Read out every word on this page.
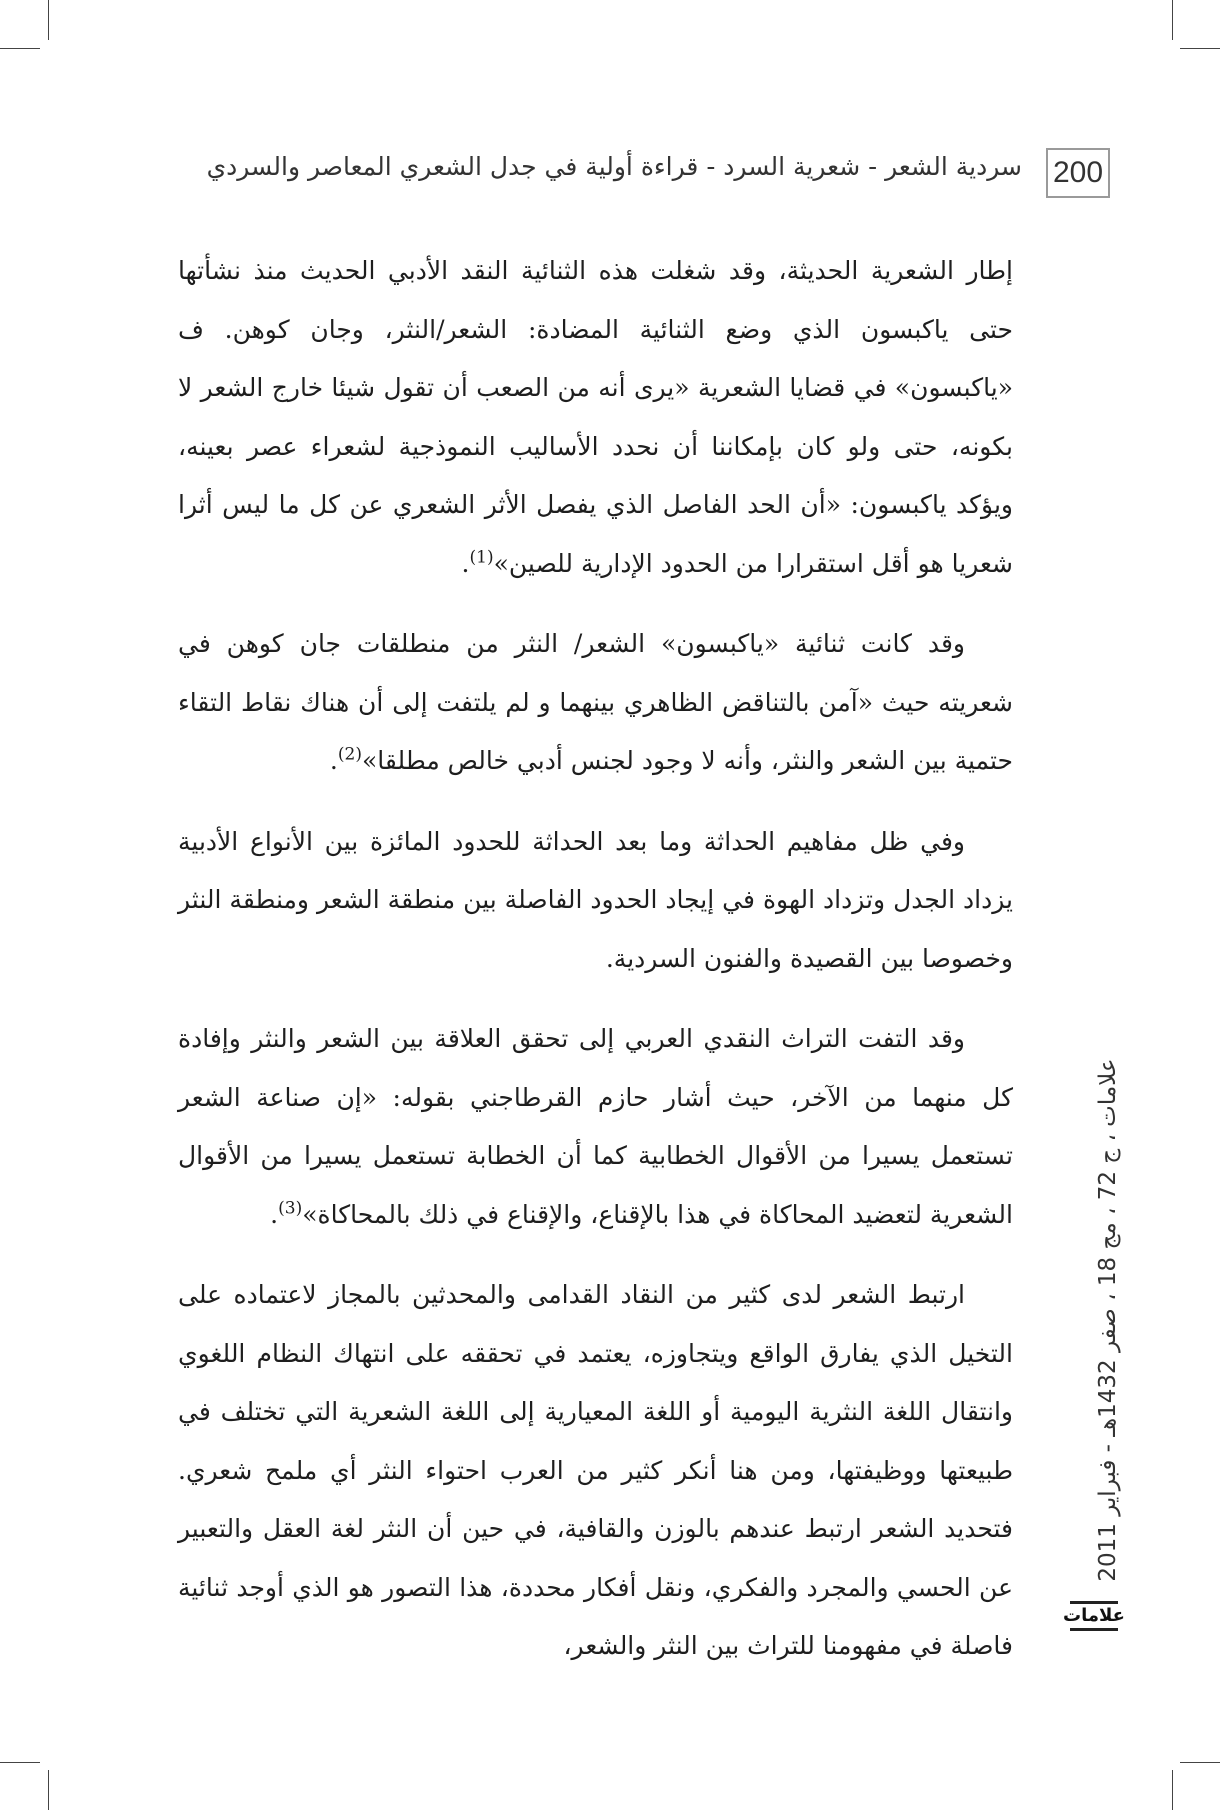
200
سردية الشعر - شعرية السرد - قراءة أولية في جدل الشعري المعاصر والسردي

إطار الشعرية الحديثة، وقد شغلت هذه الثنائية النقد الأدبي الحديث منذ نشأتها حتى ياكبسون الذي وضع الثنائية المضادة: الشعر/النثر، وجان كوهن. ف «ياكبسون» في قضايا الشعرية «يرى أنه من الصعب أن تقول شيئا خارج الشعر لا بكونه، حتى ولو كان بإمكاننا أن نحدد الأساليب النموذجية لشعراء عصر بعينه، ويؤكد ياكبسون: «أن الحد الفاصل الذي يفصل الأثر الشعري عن كل ما ليس أثرا شعريا هو أقل استقرارا من الحدود الإدارية للصين»$^{(1)}$.

وقد كانت ثنائية «ياكبسون» الشعر/ النثر من منطلقات جان كوهن في شعريته حيث «آمن بالتناقض الظاهري بينهما و لم يلتفت إلى أن هناك نقاط التقاء حتمية بين الشعر والنثر، وأنه لا وجود لجنس أدبي خالص مطلقا»$^{(2)}$.

وفي ظل مفاهيم الحداثة وما بعد الحداثة للحدود المائزة بين الأنواع الأدبية يزداد الجدل وتزداد الهوة في إيجاد الحدود الفاصلة بين منطقة الشعر ومنطقة النثر وخصوصا بين القصيدة والفنون السردية.

وقد التفت التراث النقدي العربي إلى تحقق العلاقة بين الشعر والنثر وإفادة كل منهما من الآخر، حيث أشار حازم القرطاجني بقوله: «إن صناعة الشعر تستعمل يسيرا من الأقوال الخطابية كما أن الخطابة تستعمل يسيرا من الأقوال الشعرية لتعضيد المحاكاة في هذا بالإقناع، والإقناع في ذلك بالمحاكاة»$^{(3)}$.

ارتبط الشعر لدى كثير من النقاد القدامى والمحدثين بالمجاز لاعتماده على التخيل الذي يفارق الواقع ويتجاوزه، يعتمد في تحققه على انتهاك النظام اللغوي وانتقال اللغة النثرية اليومية أو اللغة المعيارية إلى اللغة الشعرية التي تختلف في طبيعتها ووظيفتها، ومن هنا أنكر كثير من العرب احتواء النثر أي ملمح شعري. فتحديد الشعر ارتبط عندهم بالوزن والقافية، في حين أن النثر لغة العقل والتعبير عن الحسي والمجرد والفكري، ونقل أفكار محددة، هذا التصور هو الذي أوجد ثنائية فاصلة في مفهومنا للتراث بين النثر والشعر،

علامات ، ج 72 ، مج 18 ، صفر 1432هـ - فبراير 2011
علامات
